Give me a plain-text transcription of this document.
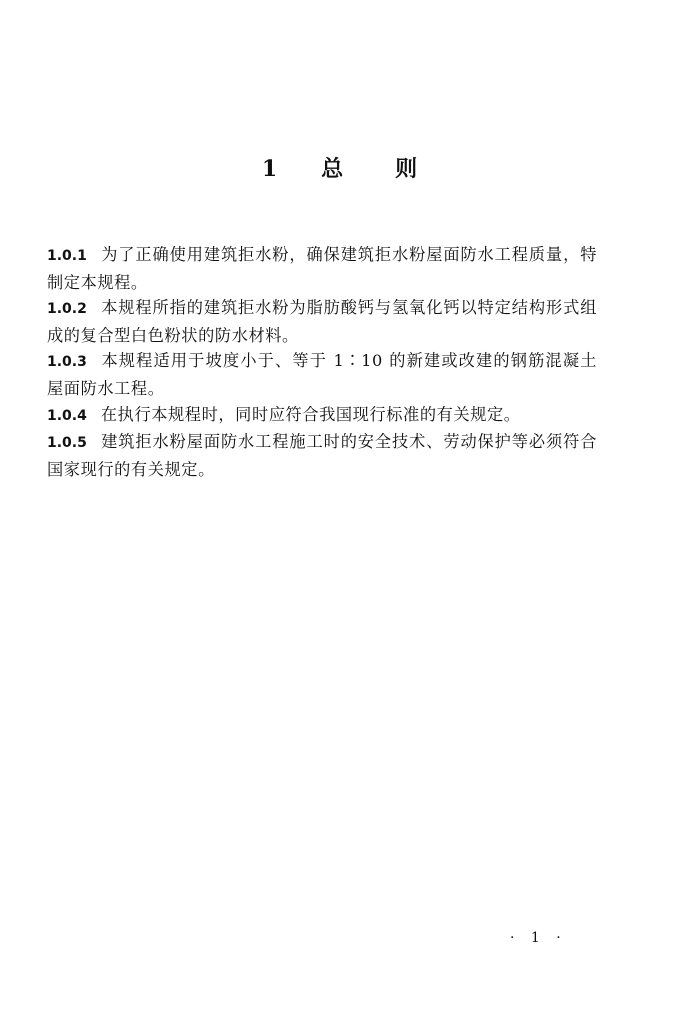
1 总 则

1.0.1 为了正确使用建筑拒水粉，确保建筑拒水粉屋面防水工程质量，特制定本规程。

1.0.2 本规程所指的建筑拒水粉为脂肪酸钙与氢氧化钙以特定结构形式组成的复合型白色粉状的防水材料。

1.0.3 本规程适用于坡度小于、等于 1∶10 的新建或改建的钢筋混凝土屋面防水工程。

1.0.4 在执行本规程时，同时应符合我国现行标准的有关规定。

1.0.5 建筑拒水粉屋面防水工程施工时的安全技术、劳动保护等必须符合国家现行的有关规定。

· 1 ·
